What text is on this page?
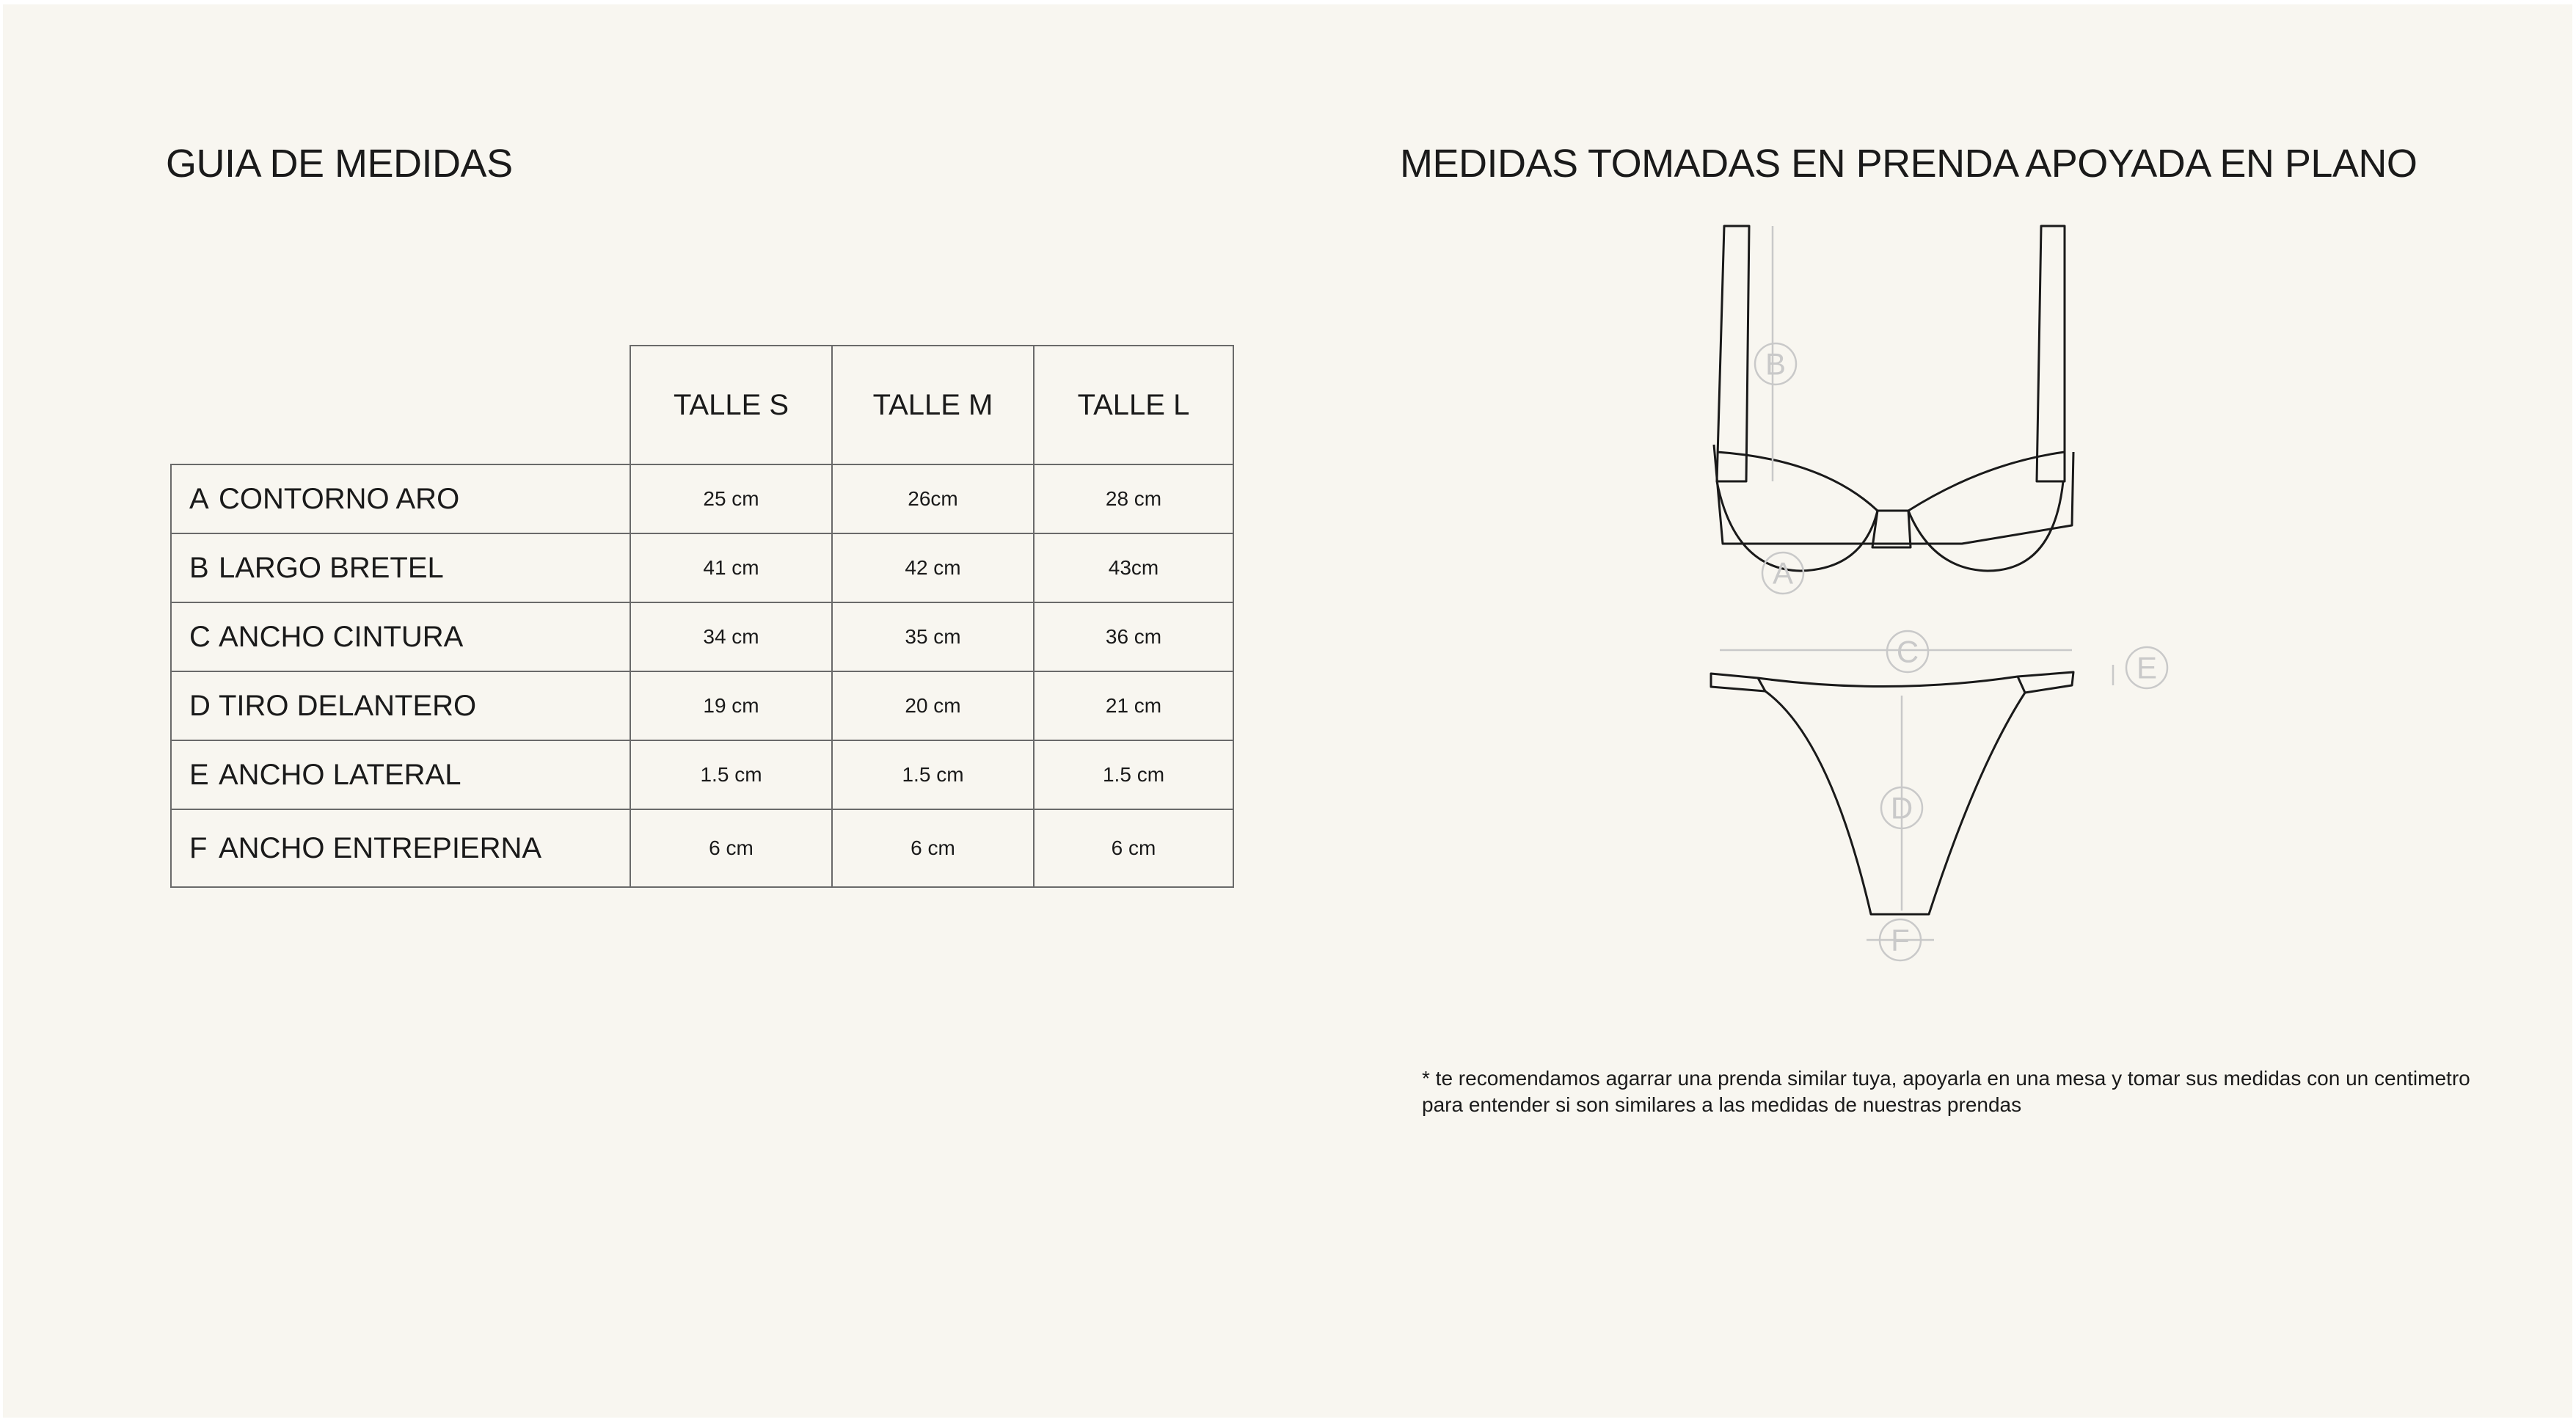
GUIA DE MEDIDAS	MEDIDAS TOMADAS EN PRENDA APOYADA EN PLANO
	TALLE S	TALLE M	TALLE L
A CONTORNO ARO	25 cm	26cm	28 cm
B LARGO BRETEL	41 cm	42 cm	43cm
C ANCHO CINTURA	34 cm	35 cm	36 cm
D TIRO DELANTERO	19 cm	20 cm	21 cm
E ANCHO LATERAL	1.5 cm	1.5 cm	1.5 cm
F ANCHO ENTREPIERNA	6 cm	6 cm	6 cm
B
A
C	E
D
F
* te recomendamos agarrar una prenda similar tuya, apoyarla en una mesa y tomar sus medidas con un centimetro
para entender si son similares a las medidas de nuestras prendas
